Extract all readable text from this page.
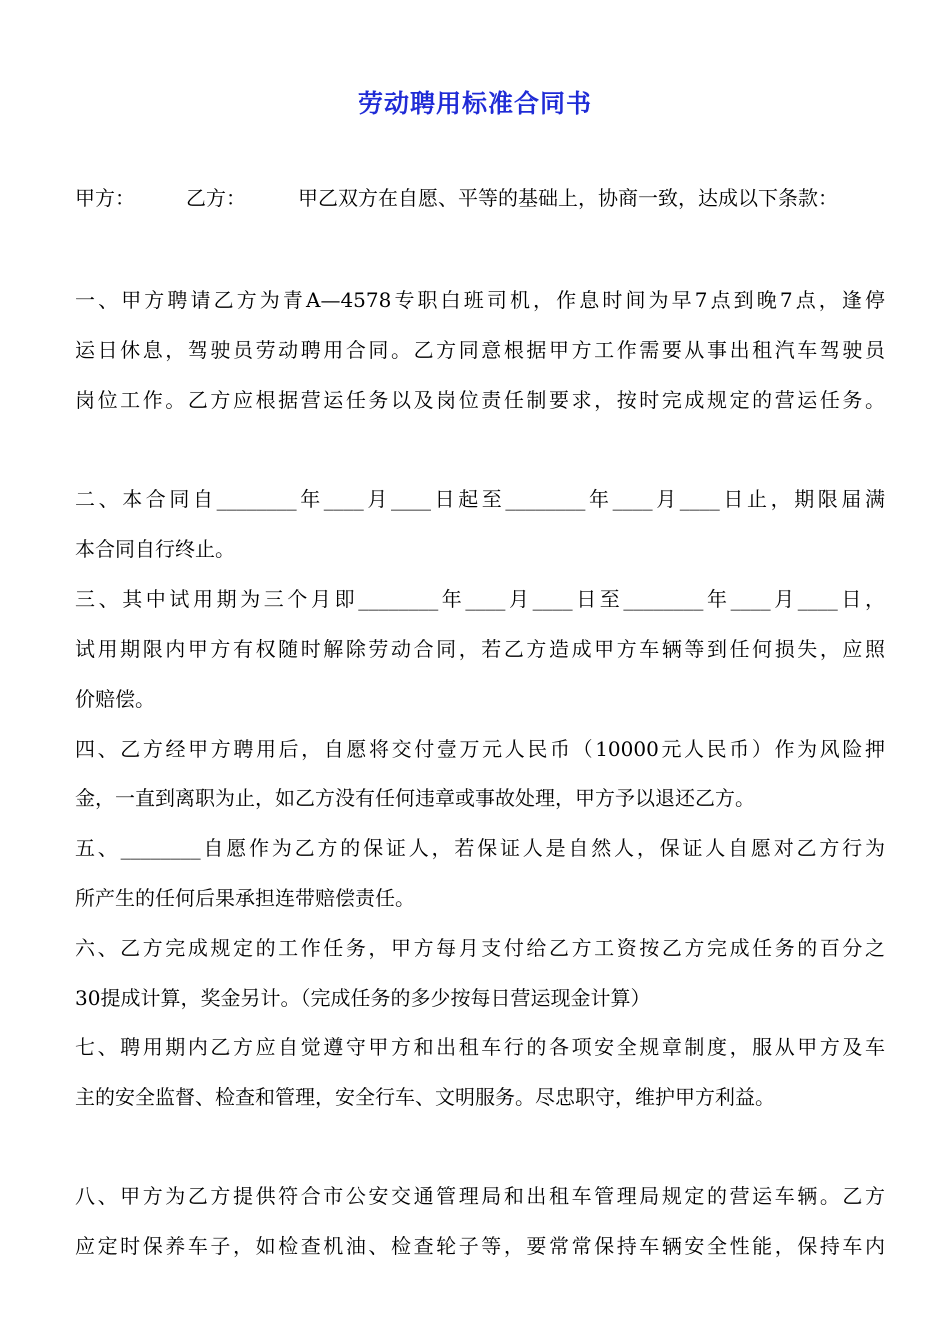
劳动聘用标准合同书
甲方：	乙方：	甲乙双方在自愿、平等的基础上，协商一致，达成以下条款：
一、甲方聘请乙方为青A—4578专职白班司机，作息时间为早7点到晚7点，逢停
运日休息，驾驶员劳动聘用合同。乙方同意根据甲方工作需要从事出租汽车驾驶员
岗位工作。乙方应根据营运任务以及岗位责任制要求，按时完成规定的营运任务。
二、本合同自________年____月____日起至________年____月____日止，期限届满
本合同自行终止。
三、其中试用期为三个月即________年____月____日至________年____月____日，
试用期限内甲方有权随时解除劳动合同，若乙方造成甲方车辆等到任何损失，应照
价赔偿。
四、乙方经甲方聘用后，自愿将交付壹万元人民币（10000元人民币）作为风险押
金，一直到离职为止，如乙方没有任何违章或事故处理，甲方予以退还乙方。
五、________自愿作为乙方的保证人，若保证人是自然人，保证人自愿对乙方行为
所产生的任何后果承担连带赔偿责任。
六、乙方完成规定的工作任务，甲方每月支付给乙方工资按乙方完成任务的百分之
30提成计算，奖金另计。（完成任务的多少按每日营运现金计算）
七、聘用期内乙方应自觉遵守甲方和出租车行的各项安全规章制度，服从甲方及车
主的安全监督、检查和管理，安全行车、文明服务。尽忠职守，维护甲方利益。
八、甲方为乙方提供符合市公安交通管理局和出租车管理局规定的营运车辆。乙方
应定时保养车子，如检查机油、检查轮子等，要常常保持车辆安全性能，保持车内
